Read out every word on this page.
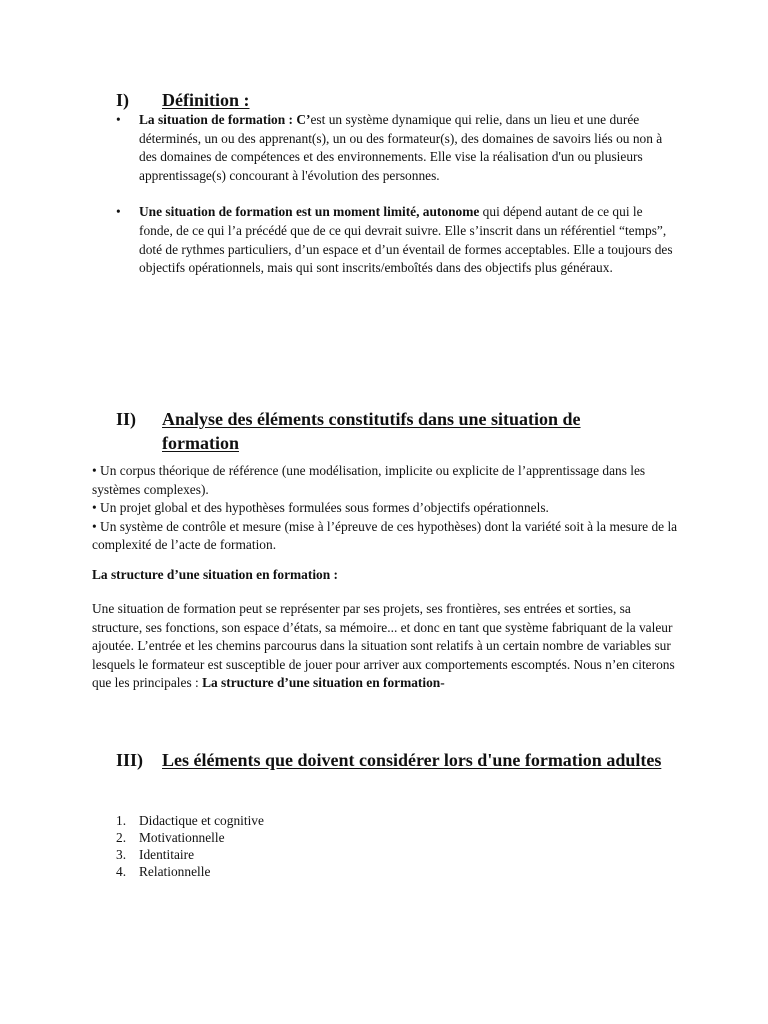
I)	Définition :
• La situation de formation : C’est un système dynamique qui relie, dans un lieu et une durée déterminés, un ou des apprenant(s), un ou des formateur(s), des domaines de savoirs liés ou non à des domaines de compétences et des environnements. Elle vise la réalisation d'un ou plusieurs apprentissage(s) concourant à l'évolution des personnes.
• Une situation de formation est un moment limité, autonome qui dépend autant de ce qui le fonde, de ce qui l’a précédé que de ce qui devrait suivre. Elle s’inscrit dans un référentiel “temps”, doté de rythmes particuliers, d’un espace et d’un éventail de formes acceptables. Elle a toujours des objectifs opérationnels, mais qui sont inscrits/emboîtés dans des objectifs plus généraux.
II)	Analyse des éléments constitutifs dans une situation de formation
• Un corpus théorique de référence (une modélisation, implicite ou explicite de l’apprentissage dans les systèmes complexes).
• Un projet global et des hypothèses formulées sous formes d’objectifs opérationnels.
• Un système de contrôle et mesure (mise à l’épreuve de ces hypothèses) dont la variété soit à la mesure de la complexité de l’acte de formation.
La structure d’une situation en formation :
Une situation de formation peut se représenter par ses projets, ses frontières, ses entrées et sorties, sa structure, ses fonctions, son espace d’états, sa mémoire... et donc en tant que système fabriquant de la valeur ajoutée. L’entrée et les chemins parcourus dans la situation sont relatifs à un certain nombre de variables sur lesquels le formateur est susceptible de jouer pour arriver aux comportements escomptés. Nous n’en citerons que les principales : La structure d’une situation en formation-
III)	Les éléments que doivent considérer lors d'une formation adultes
1. Didactique et cognitive
2. Motivationnelle
3. Identitaire
4. Relationnelle
